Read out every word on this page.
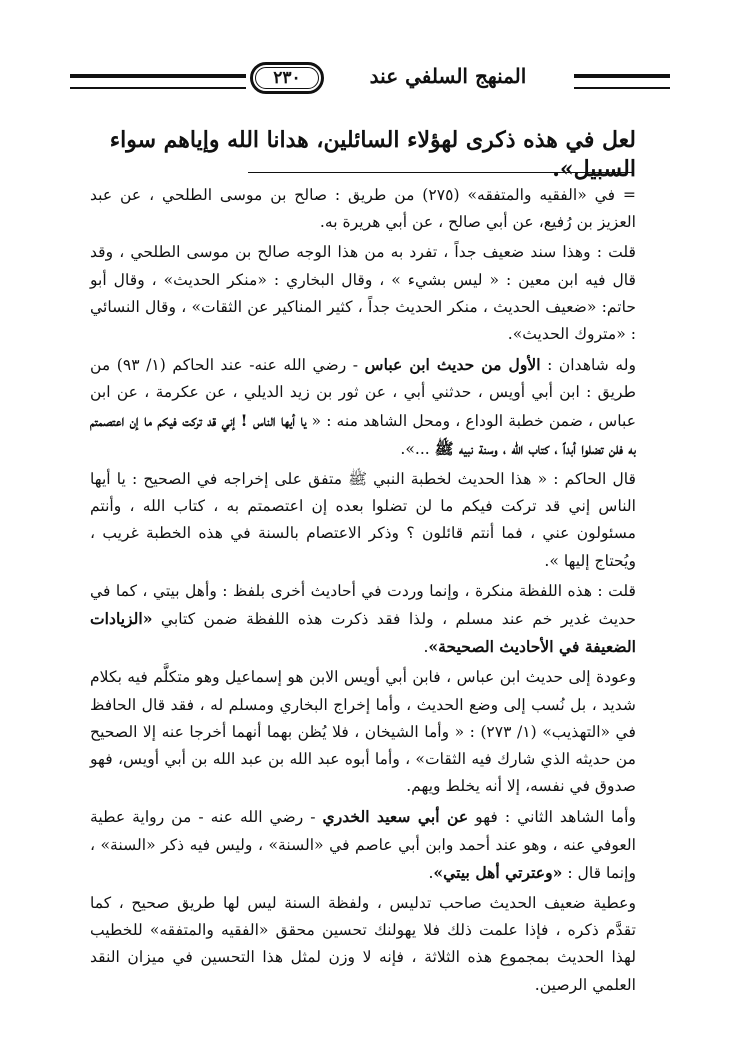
٢٣٠	المنهج السلفي عند
لعل في هذه ذكرى لهؤلاء السائلين، هدانا الله وإياهم سواء السبيل».

= في «الفقيه والمتفقه» (٢٧٥) من طريق : صالح بن موسى الطلحي ، عن عبد العزيز بن رُفيع، عن أبي صالح ، عن أبي هريرة به.

قلت : وهذا سند ضعيف جداً ، تفرد به من هذا الوجه صالح بن موسى الطلحي ، وقد قال فيه ابن معين : « ليس بشيء » ، وقال البخاري : «منكر الحديث» ، وقال أبو حاتم: «ضعيف الحديث ، منكر الحديث جداً ، كثير المناكير عن الثقات» ، وقال النسائي : «متروك الحديث».

وله شاهدان : الأول من حديث ابن عباس - رضي الله عنه- عند الحاكم (١/ ٩٣) من طريق : ابن أبي أويس ، حدثني أبي ، عن ثور بن زيد الديلي ، عن عكرمة ، عن ابن عباس ، ضمن خطبة الوداع ، ومحل الشاهد منه : « يا أيها الناس ! إني قد تركت فيكم ما إن اعتصمتم به فلن تضلوا أبداً ، كتاب الله ، وسنة نبيه ﷺ ...».

قال الحاكم : « هذا الحديث لخطبة النبي ﷺ متفق على إخراجه في الصحيح : يا أيها الناس إني قد تركت فيكم ما لن تضلوا بعده إن اعتصمتم به ، كتاب الله ، وأنتم مسئولون عني ، فما أنتم قائلون ؟ وذكر الاعتصام بالسنة في هذه الخطبة غريب ، ويُحتاج إليها ».

قلت : هذه اللفظة منكرة ، وإنما وردت في أحاديث أخرى بلفظ : وأهل بيتي ، كما في حديث غدير خم عند مسلم ، ولذا فقد ذكرت هذه اللفظة ضمن كتابي «الزيادات الضعيفة في الأحاديث الصحيحة».

وعودة إلى حديث ابن عباس ، فابن أبي أويس الابن هو إسماعيل وهو متكلَّم فيه بكلام شديد ، بل نُسب إلى وضع الحديث ، وأما إخراج البخاري ومسلم له ، فقد قال الحافظ في «التهذيب» (١/ ٢٧٣) : « وأما الشيخان ، فلا يُظن بهما أنهما أخرجا عنه إلا الصحيح من حديثه الذي شارك فيه الثقات» ، وأما أبوه عبد الله بن عبد الله بن أبي أويس، فهو صدوق في نفسه، إلا أنه يخلط ويهم.

وأما الشاهد الثاني : فهو عن أبي سعيد الخدري - رضي الله عنه - من رواية عطية العوفي عنه ، وهو عند أحمد وابن أبي عاصم في «السنة» ، وليس فيه ذكر «السنة» ، وإنما قال : «وعترتي أهل بيتي».

وعطية ضعيف الحديث صاحب تدليس ، ولفظة السنة ليس لها طريق صحيح ، كما تقدَّم ذكره ، فإذا علمت ذلك فلا يهولنك تحسين محقق «الفقيه والمتفقه» للخطيب لهذا الحديث بمجموع هذه الثلاثة ، فإنه لا وزن لمثل هذا التحسين في ميزان النقد العلمي الرصين.
